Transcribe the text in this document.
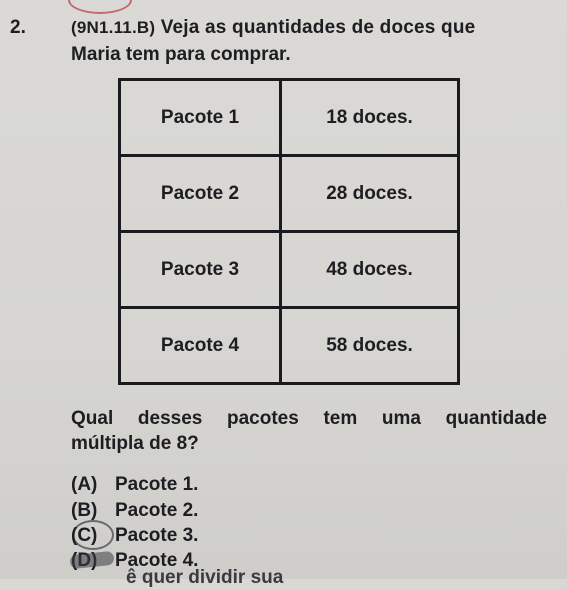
2.	(9N1.11.B) Veja as quantidades de doces que
Maria tem para comprar.
Pacote 1	18 doces.
Pacote 2	28 doces.
Pacote 3	48 doces.
Pacote 4	58 doces.
Qual desses pacotes tem uma quantidade
múltipla de 8?
(A) Pacote 1.
(B) Pacote 2.
(C) Pacote 3.
Pacote 4.
ê quer dividir sua
